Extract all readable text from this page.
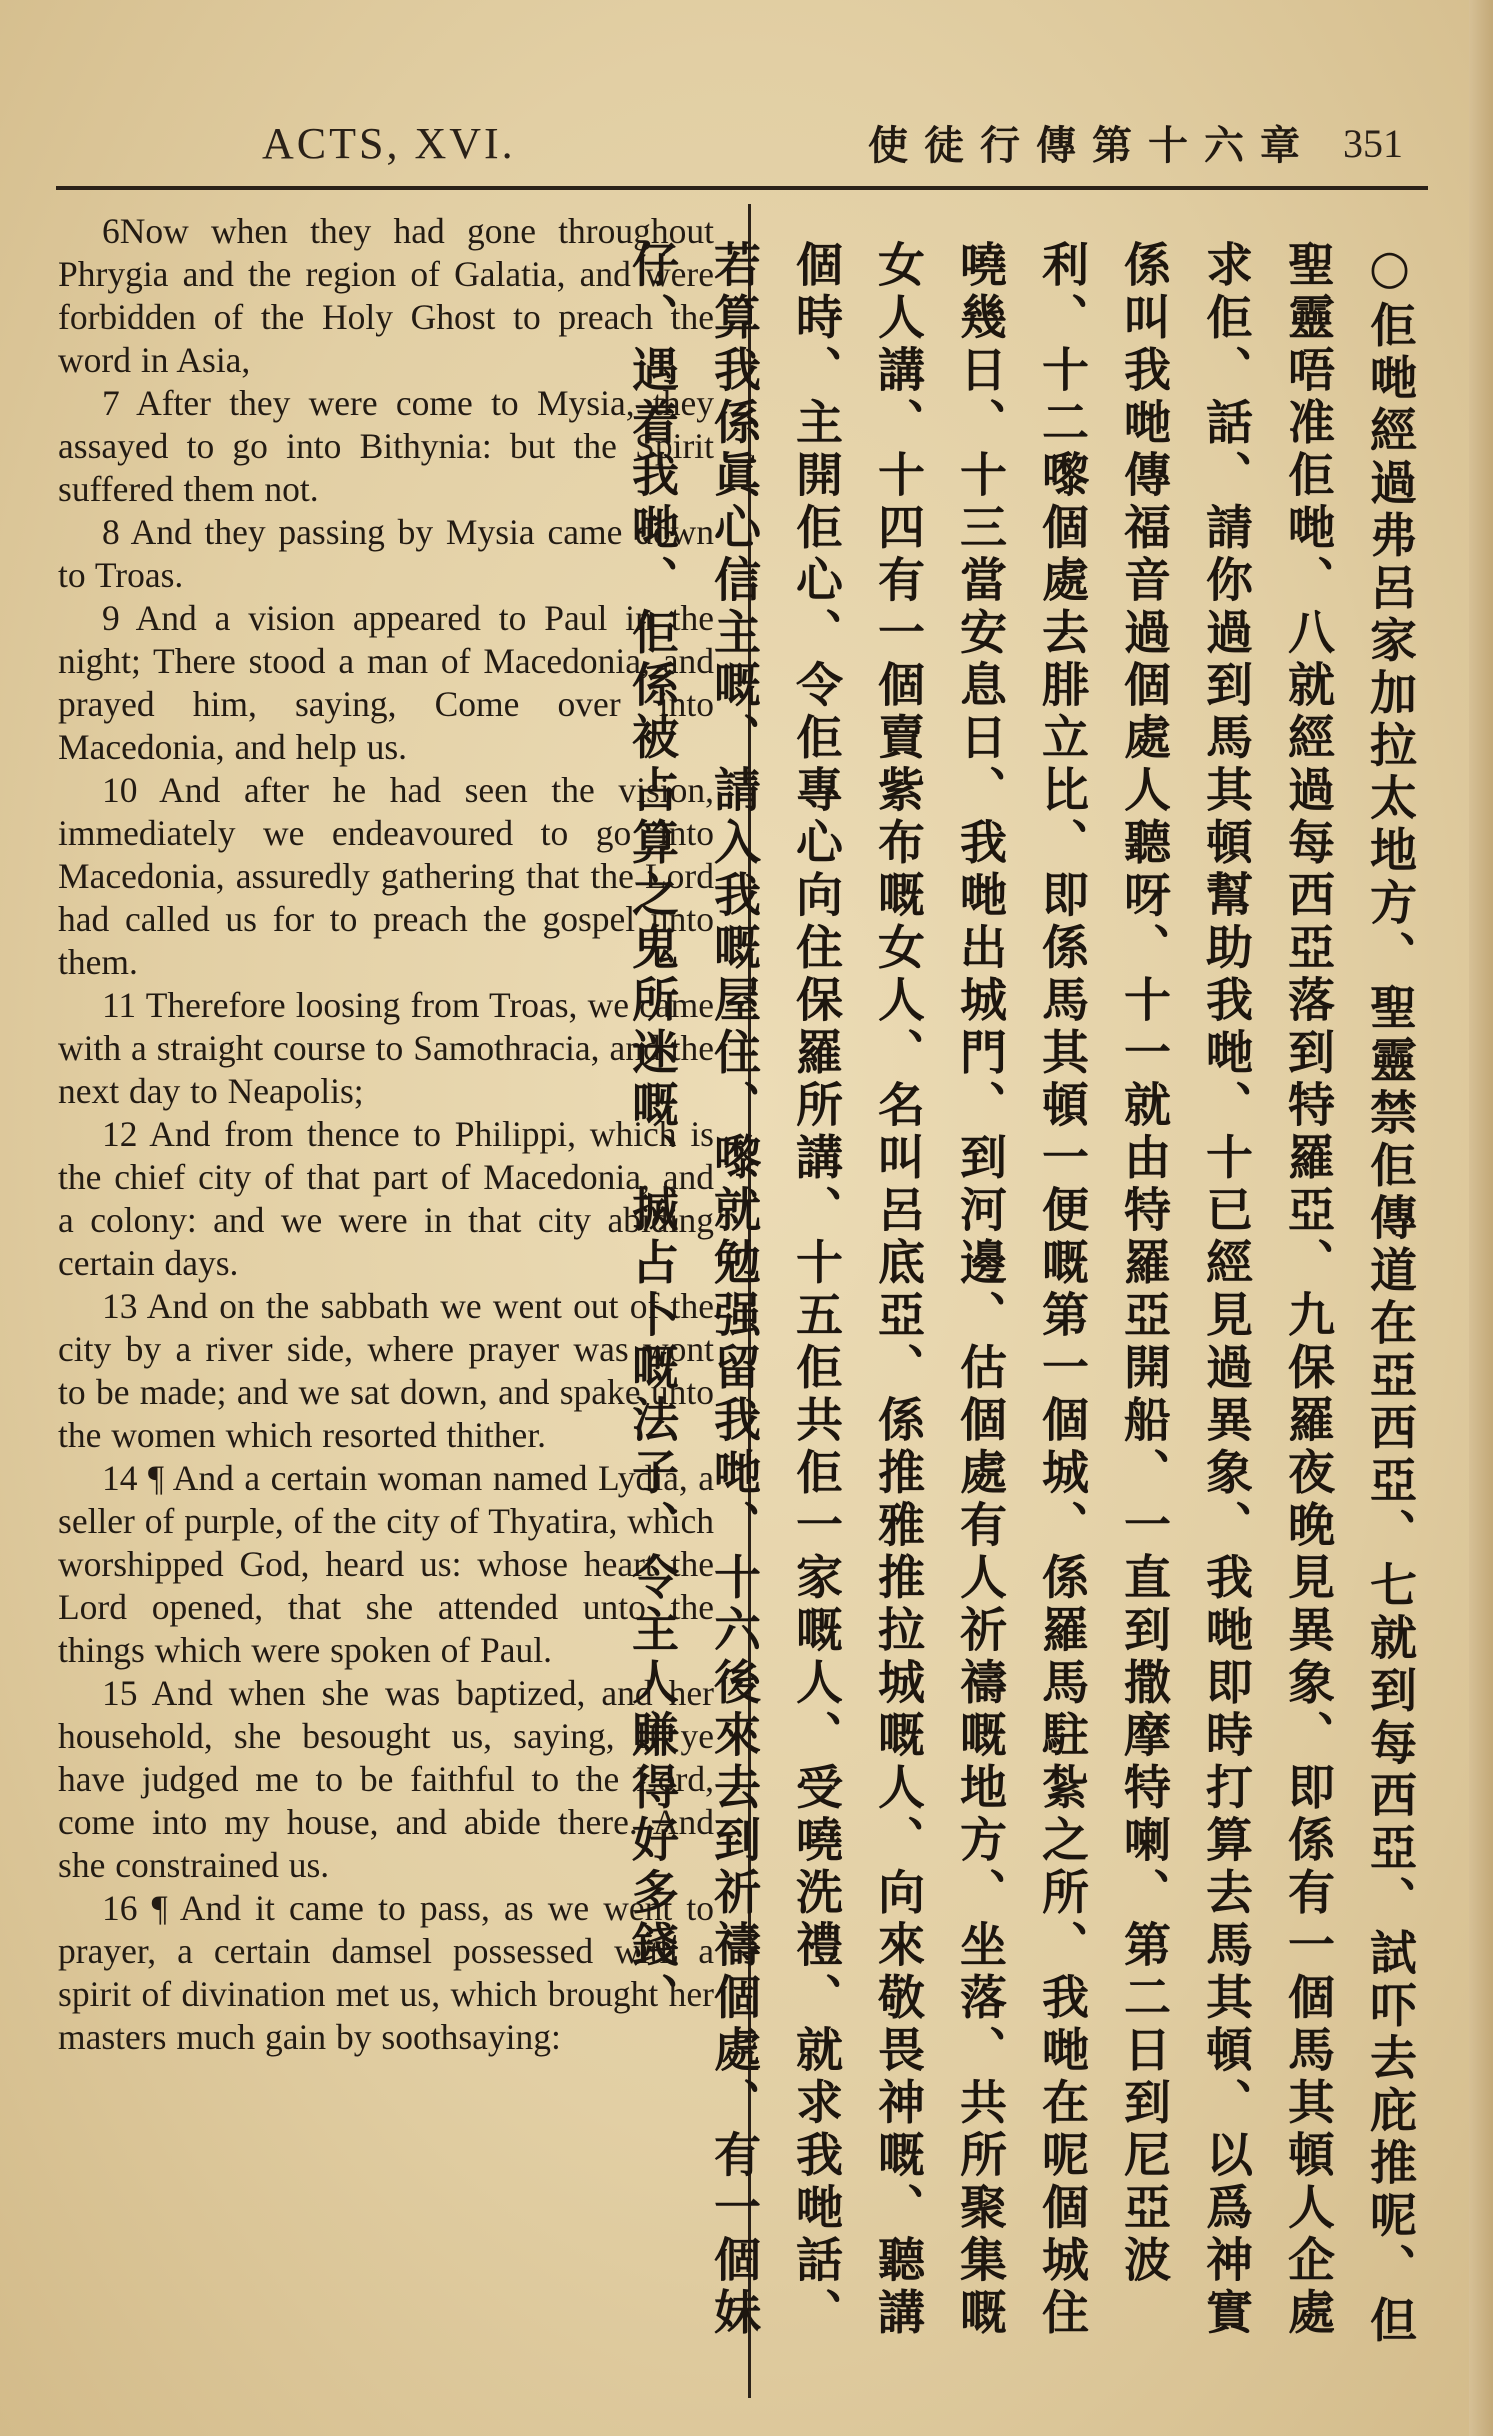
ACTS, XVI.	使徒行傳第十六章 351

6Now when they had gone throughout Phrygia and the region of Galatia, and were forbidden of the Holy Ghost to preach the word in Asia,

7 After they were come to Mysia, they assayed to go into Bithynia: but the Spirit suffered them not.

8 And they passing by Mysia came down to Troas.

9 And a vision appeared to Paul in the night; There stood a man of Macedonia, and prayed him, saying, Come over into Macedonia, and help us.

10 And after he had seen the vision, immediately we endeavoured to go into Macedonia, assuredly gathering that the Lord had called us for to preach the gospel unto them.

11 Therefore loosing from Troas, we came with a straight course to Samothracia, and the next day to Neapolis;

12 And from thence to Philippi, which is the chief city of that part of Macedonia, and a colony: and we were in that city abiding certain days.

13 And on the sabbath we went out of the city by a river side, where prayer was wont to be made; and we sat down, and spake unto the women which resorted thither.

14 ¶ And a certain woman named Lydia, a seller of purple, of the city of Thyatira, which worshipped God, heard us: whose heart the Lord opened, that she attended unto the things which were spoken of Paul.

15 And when she was baptized, and her household, she besought us, saying, If ye have judged me to be faithful to the Lord, come into my house, and abide there. And she constrained us.

16 ¶ And it came to pass, as we went to prayer, a certain damsel possessed with a spirit of divination met us, which brought her masters much gain by soothsaying:	○佢哋經過弗呂家加拉太地方、聖靈禁佢傳道在亞西亞、七就到每西亞、試吓去庇推呢、但聖靈唔准佢哋、八就經過每西亞落到特羅亞、九保羅夜晚見異象、即係有一個馬其頓人企處求佢、話、請你過到馬其頓幫助我哋、十已經見過異象、我哋即時打算去馬其頓、以爲神實係叫我哋傳福音過個處人聽呀、十一就由特羅亞開船、一直到撒摩特喇、第二日到尼亞波利、十二嚟個處去腓立比、即係馬其頓一便嘅第一個城、係羅馬駐紮之所、我哋在呢個城住嘵幾日、十三當安息日、我哋出城門、到河邊、估個處有人祈禱嘅地方、坐落、共所聚集嘅女人講、十四有一個賣紫布嘅女人、名叫呂底亞、係推雅推拉城嘅人、向來敬畏神嘅、聽講個時、主開佢心、令佢專心向住保羅所講、十五佢共佢一家嘅人、受嘵洗禮、就求我哋話、若算我係眞心信主嘅、請入我嘅屋住、嚟就勉强留我哋、十六後來去到祈禱個處、有一個妹仔、遇着我哋、佢係被占算之鬼所迷嘅、搣占卜嘅法子、令主人賺得好多錢、
